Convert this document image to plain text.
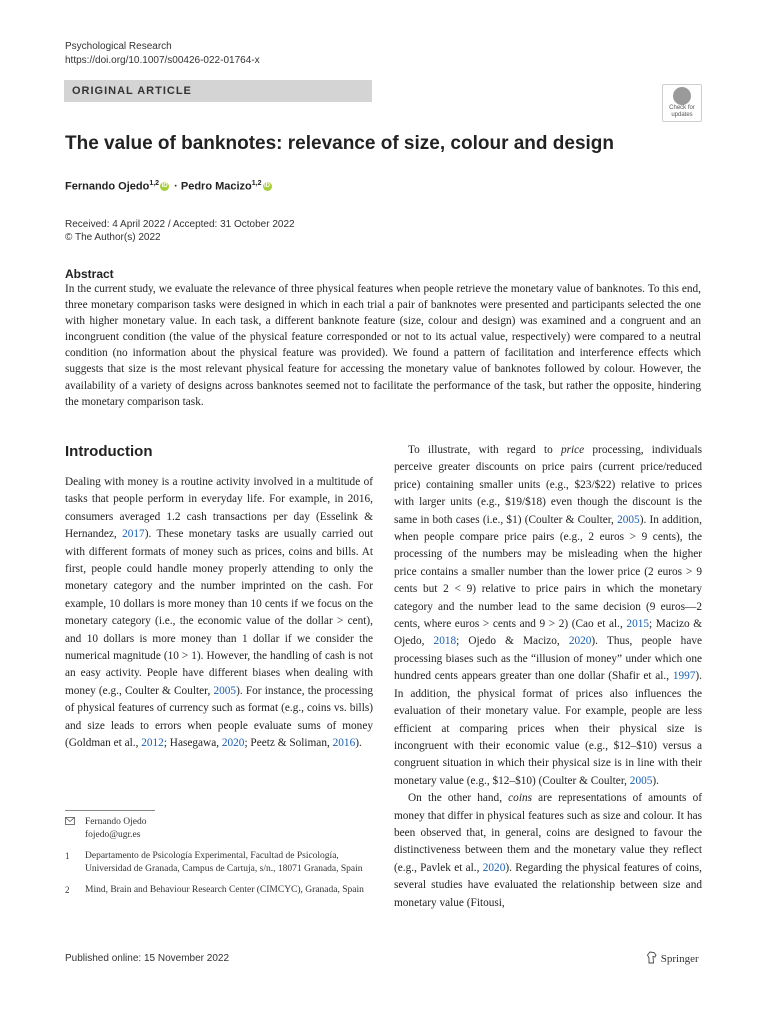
Psychological Research
https://doi.org/10.1007/s00426-022-01764-x
ORIGINAL ARTICLE
Check for
updates
The value of banknotes: relevance of size, colour and design
Fernando Ojedo$^{1,2}$ iD · Pedro Macizo$^{1,2}$ iD
Received: 4 April 2022 / Accepted: 31 October 2022
© The Author(s) 2022
Abstract

In the current study, we evaluate the relevance of three physical features when people retrieve the monetary value of banknotes. To this end, three monetary comparison tasks were designed in which in each trial a pair of banknotes were presented and participants selected the one with higher monetary value. In each task, a different banknote feature (size, colour and design) was examined and a congruent and an incongruent condition (the value of the physical feature corresponded or not to its actual value, respectively) were compared to a neutral condition (no information about the physical feature was provided). We found a pattern of facilitation and interference effects which suggests that size is the most relevant physical feature for accessing the monetary value of banknotes followed by colour. However, the availability of a variety of designs across banknotes seemed not to facilitate the performance of the task, but rather the opposite, hindering the monetary comparison task.

Introduction

Dealing with money is a routine activity involved in a multitude of tasks that people perform in everyday life. For example, in 2016, consumers averaged 1.2 cash transactions per day (Esselink & Hernandez, 2017). These monetary tasks are usually carried out with different formats of money such as prices, coins and bills. At first, people could handle money properly attending to only the monetary category and the number imprinted on the cash. For example, 10 dollars is more money than 10 cents if we focus on the monetary category (i.e., the economic value of the dollar > cent), and 10 dollars is more money than 1 dollar if we consider the numerical magnitude (10 > 1). However, the handling of cash is not an easy activity. People have different biases when dealing with money (e.g., Coulter & Coulter, 2005). For instance, the processing of physical features of currency such as format (e.g., coins vs. bills) and size leads to errors when people evaluate sums of money (Goldman et al., 2012; Hasegawa, 2020; Peetz & Soliman, 2016).

To illustrate, with regard to price processing, individuals perceive greater discounts on price pairs (current price/reduced price) containing smaller units (e.g., $23/$22) relative to prices with larger units (e.g., $19/$18) even though the discount is the same in both cases (i.e., $1) (Coulter & Coulter, 2005). In addition, when people compare price pairs (e.g., 2 euros > 9 cents), the processing of the numbers may be misleading when the higher price contains a smaller number than the lower price (2 euros > 9 cents but 2 < 9) relative to price pairs in which the monetary category and the number lead to the same decision (9 euros—2 cents, where euros > cents and 9 > 2) (Cao et al., 2015; Macizo & Ojedo, 2018; Ojedo & Macizo, 2020). Thus, people have processing biases such as the “illusion of money” under which one hundred cents appears greater than one dollar (Shafir et al., 1997). In addition, the physical format of prices also influences the evaluation of their monetary value. For example, people are less efficient at comparing prices when their physical size is incongruent with their economic value (e.g., $12–$10) versus a congruent situation in which their physical size is in line with their monetary value (e.g., $12–$10) (Coulter & Coulter, 2005).

On the other hand, coins are representations of amounts of money that differ in physical features such as size and colour. It has been observed that, in general, coins are designed to favour the distinctiveness between them and the monetary value they reflect (e.g., Pavlek et al., 2020). Regarding the physical features of coins, several studies have evaluated the relationship between size and monetary value (Fitousi,

Fernando Ojedo
fojedo@ugr.es
1	Departamento de Psicología Experimental, Facultad de Psicología, Universidad de Granada, Campus de Cartuja, s/n., 18071 Granada, Spain
2	Mind, Brain and Behaviour Research Center (CIMCYC), Granada, Spain
Published online: 15 November 2022	Springer
